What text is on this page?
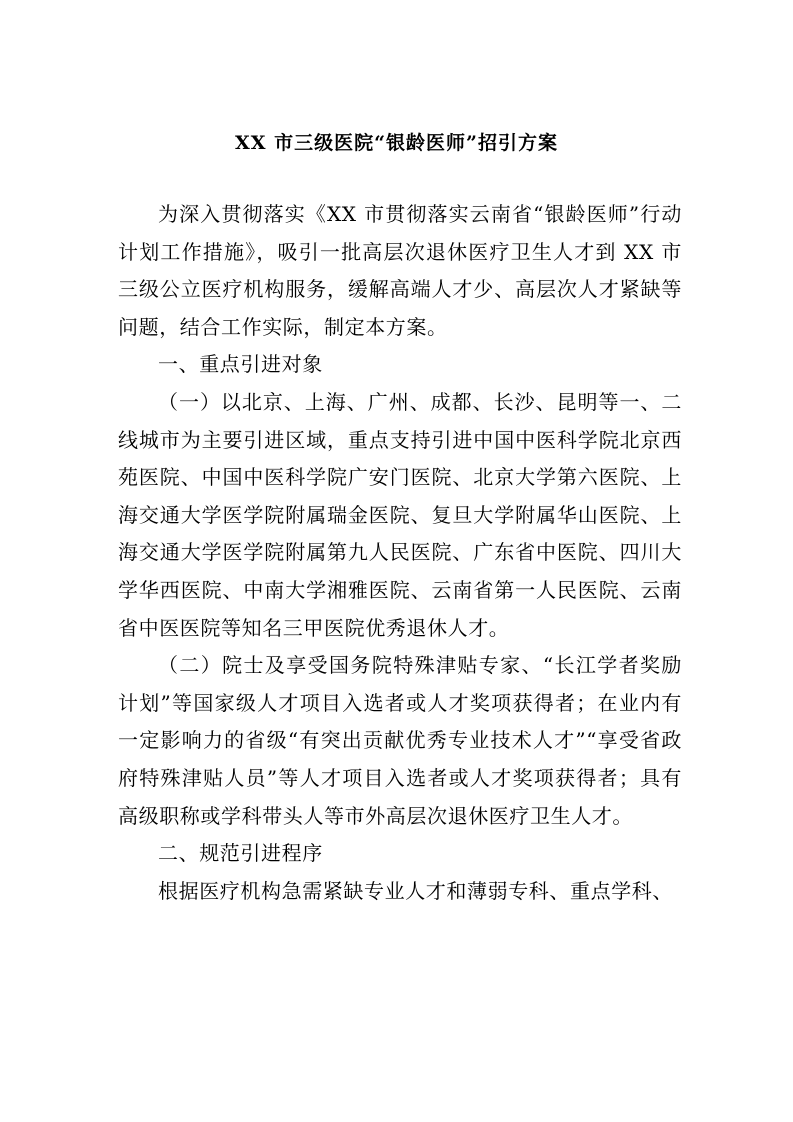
XX 市三级医院“银龄医师”招引方案

为深入贯彻落实《XX 市贯彻落实云南省“银龄医师”行动计划工作措施》，吸引一批高层次退休医疗卫生人才到 XX 市三级公立医疗机构服务，缓解高端人才少、高层次人才紧缺等问题，结合工作实际，制定本方案。

一、重点引进对象

（一）以北京、上海、广州、成都、长沙、昆明等一、二线城市为主要引进区域，重点支持引进中国中医科学院北京西苑医院、中国中医科学院广安门医院、北京大学第六医院、上海交通大学医学院附属瑞金医院、复旦大学附属华山医院、上海交通大学医学院附属第九人民医院、广东省中医院、四川大学华西医院、中南大学湘雅医院、云南省第一人民医院、云南省中医医院等知名三甲医院优秀退休人才。

（二）院士及享受国务院特殊津贴专家、“长江学者奖励计划”等国家级人才项目入选者或人才奖项获得者；在业内有一定影响力的省级“有突出贡献优秀专业技术人才”“享受省政府特殊津贴人员”等人才项目入选者或人才奖项获得者；具有高级职称或学科带头人等市外高层次退休医疗卫生人才。

二、规范引进程序

根据医疗机构急需紧缺专业人才和薄弱专科、重点学科、
